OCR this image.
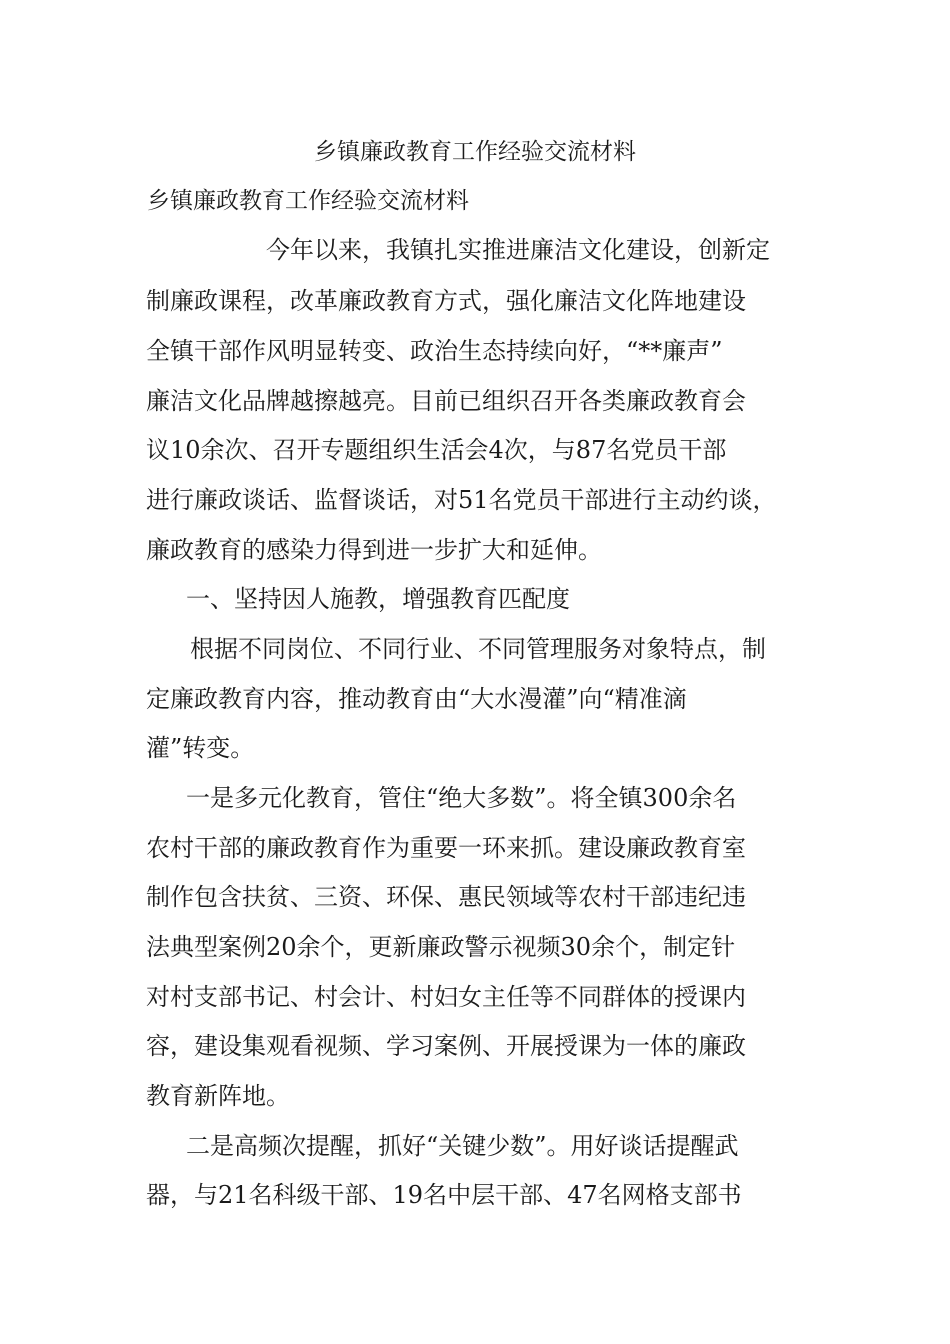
乡镇廉政教育工作经验交流材料
乡镇廉政教育工作经验交流材料

今年以来，我镇扎实推进廉洁文化建设，创新定

制廉政课程，改革廉政教育方式，强化廉洁文化阵地建设

全镇干部作风明显转变、政治生态持续向好，“**廉声”

廉洁文化品牌越擦越亮。目前已组织召开各类廉政教育会

议10余次、召开专题组织生活会4次，与87名党员干部

进行廉政谈话、监督谈话，对51名党员干部进行主动约谈，

廉政教育的感染力得到进一步扩大和延伸。

一、坚持因人施教，增强教育匹配度

根据不同岗位、不同行业、不同管理服务对象特点，制

定廉政教育内容，推动教育由“大水漫灌”向“精准滴

灌”转变。

一是多元化教育，管住“绝大多数”。将全镇300余名

农村干部的廉政教育作为重要一环来抓。建设廉政教育室

制作包含扶贫、三资、环保、惠民领域等农村干部违纪违

法典型案例20余个，更新廉政警示视频30余个，制定针

对村支部书记、村会计、村妇女主任等不同群体的授课内

容，建设集观看视频、学习案例、开展授课为一体的廉政

教育新阵地。

二是高频次提醒，抓好“关键少数”。用好谈话提醒武

器，与21名科级干部、19名中层干部、47名网格支部书
